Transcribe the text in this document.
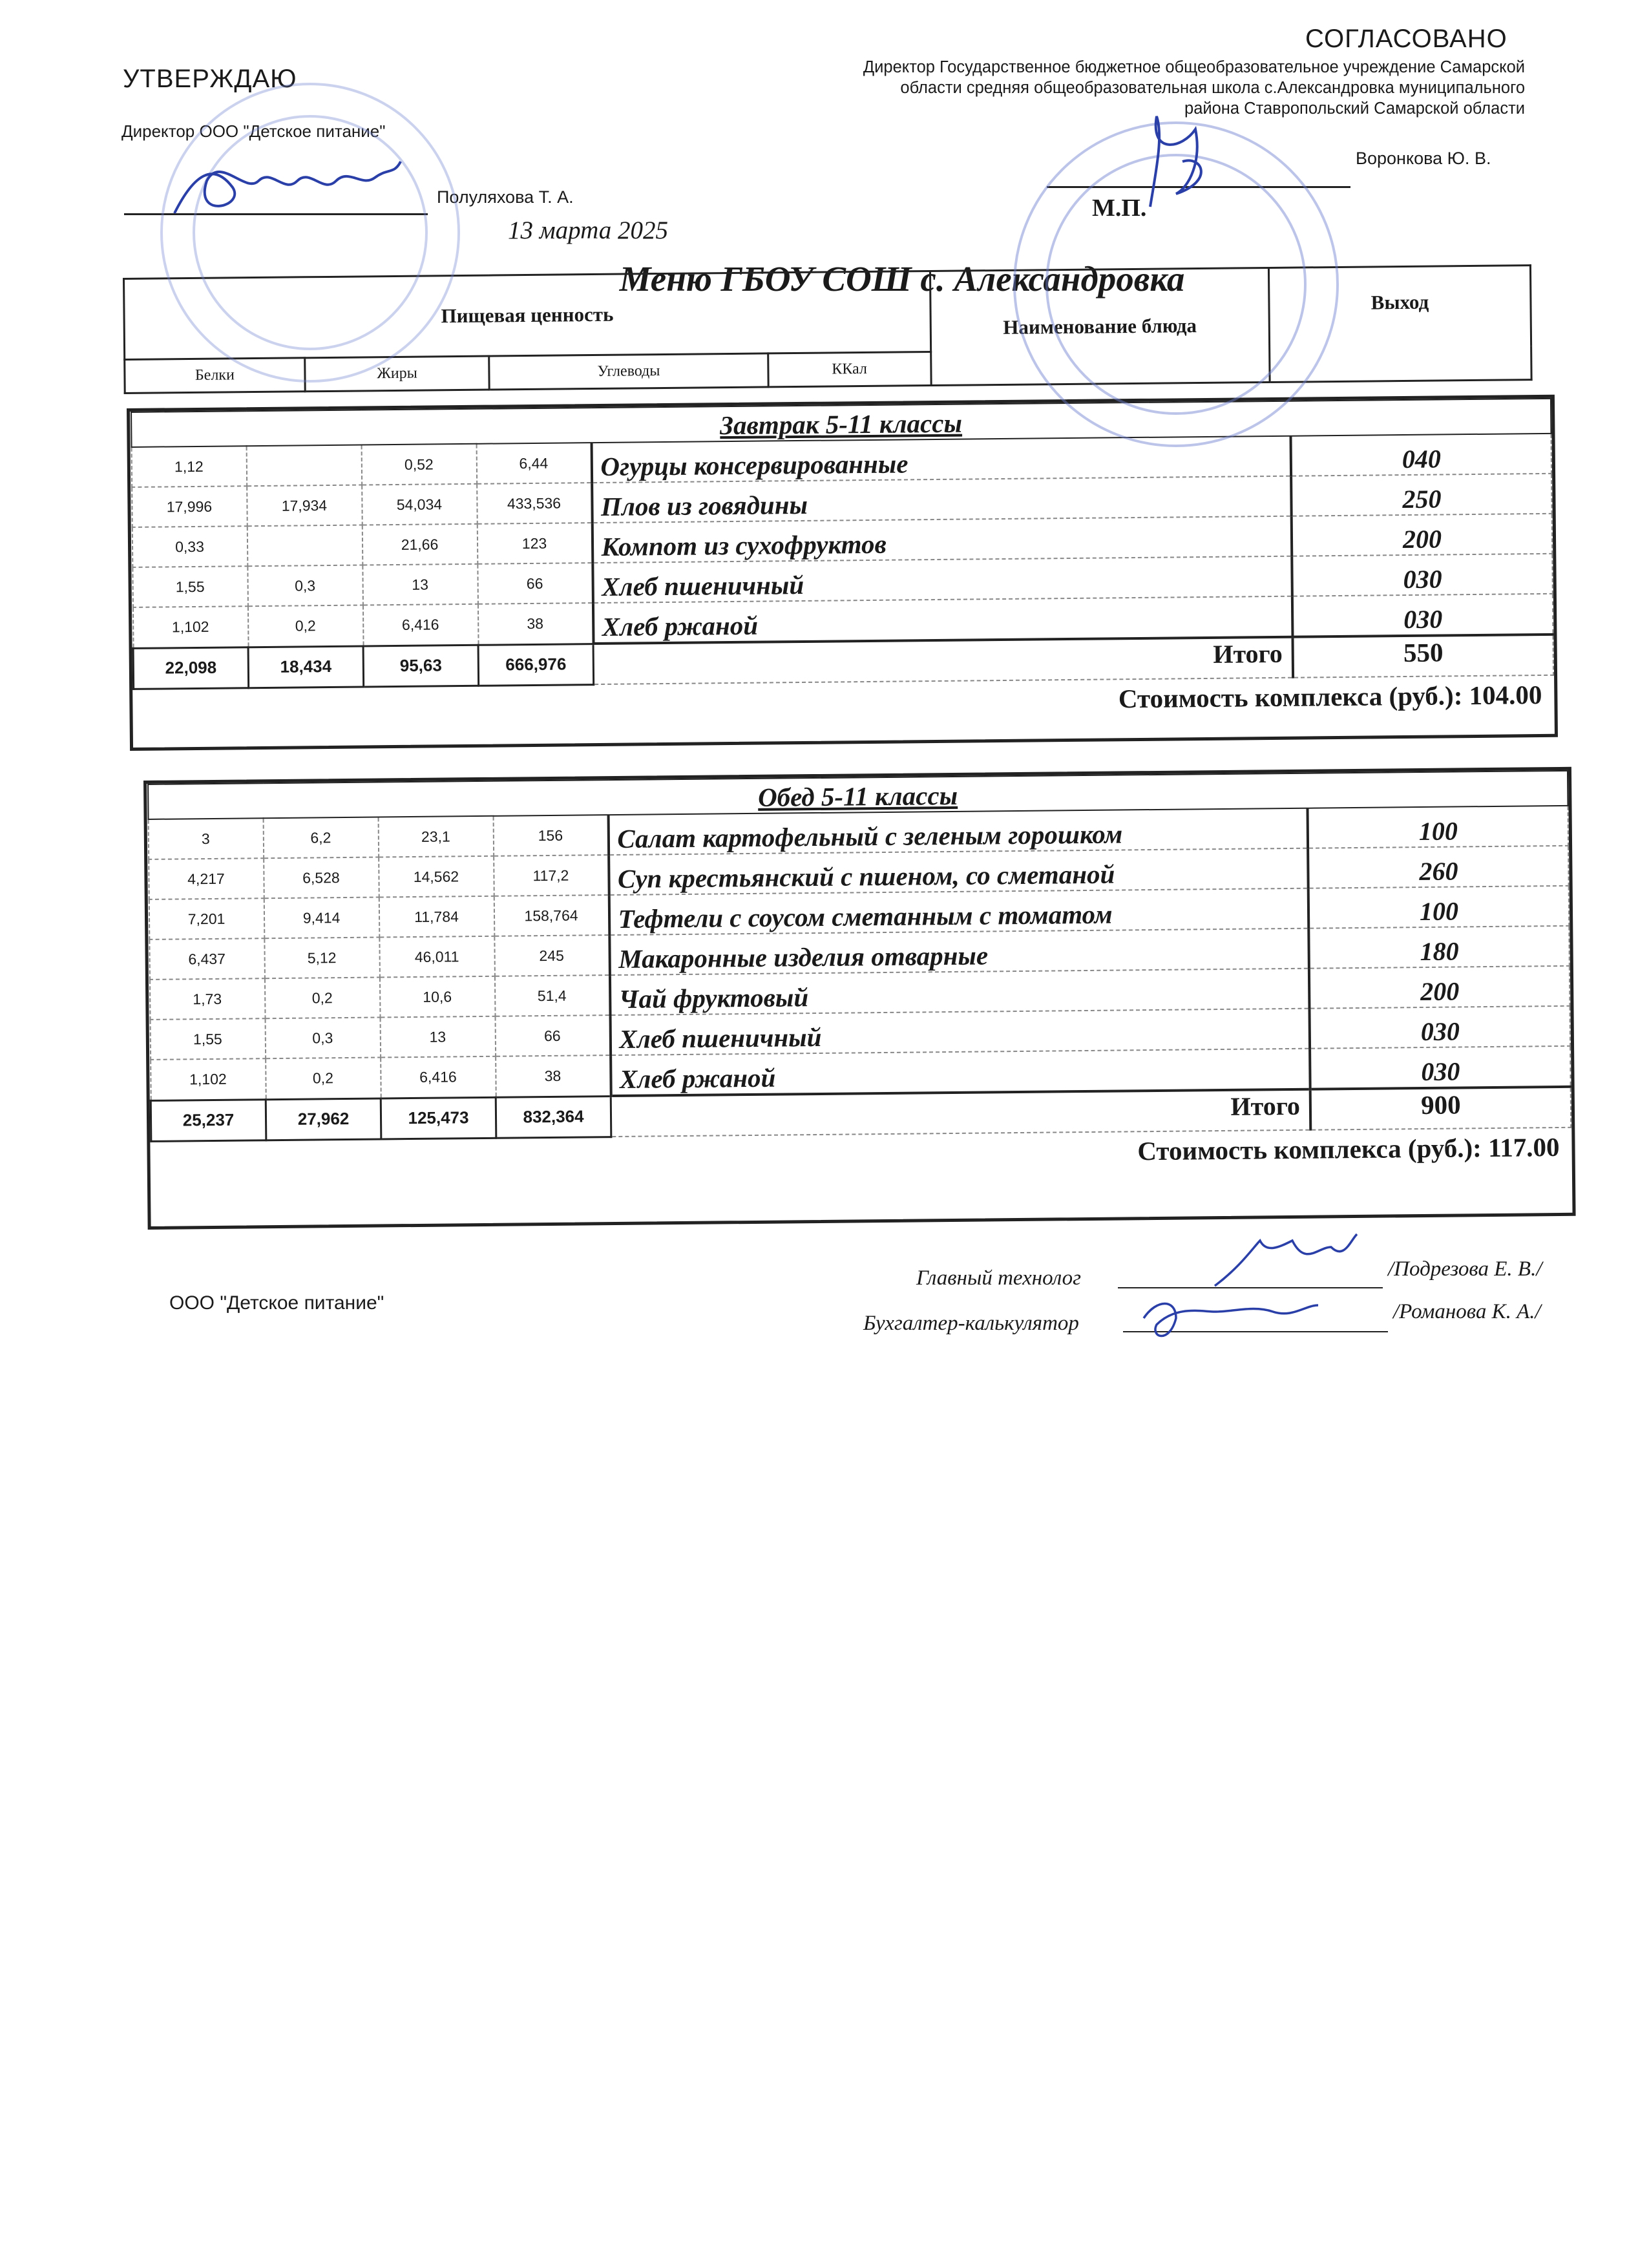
УТВЕРЖДАЮ
Директор ООО "Детское питание"
Полуляхова Т. А.
13 марта 2025
СОГЛАСОВАНО
Директор Государственное бюджетное общеобразовательное учреждение Самарской
области средняя общеобразовательная школа с.Александровка муниципального
района Ставропольский Самарской области
Воронкова Ю. В.
М.П.
Меню ГБОУ СОШ с. Александровка
Пищевая ценность				Наименование блюда	Выход
Белки	Жиры	Углеводы	ККал		
Завтрак 5-11 классы					
1,12		0,52	6,44	Огурцы консервированные	040
17,996	17,934	54,034	433,536	Плов из говядины	250
0,33		21,66	123	Компот из сухофруктов	200
1,55	0,3	13	66	Хлеб пшеничный	030
1,102	0,2	6,416	38	Хлеб ржаной	030
22,098	18,434	95,63	666,976	Итого	550
Стоимость комплекса (руб.): 104.00					
Обед 5-11 классы					
3	6,2	23,1	156	Салат картофельный с зеленым горошком	100
4,217	6,528	14,562	117,2	Суп крестьянский с пшеном, со сметаной	260
7,201	9,414	11,784	158,764	Тефтели с соусом сметанным с томатом	100
6,437	5,12	46,011	245	Макаронные изделия отварные	180
1,73	0,2	10,6	51,4	Чай фруктовый	200
1,55	0,3	13	66	Хлеб пшеничный	030
1,102	0,2	6,416	38	Хлеб ржаной	030
25,237	27,962	125,473	832,364	Итого	900
Стоимость комплекса (руб.): 117.00					
ООО "Детское питание"
Главный технолог	/Подрезова Е. В./
Бухгалтер-калькулятор	/Романова К. А./
